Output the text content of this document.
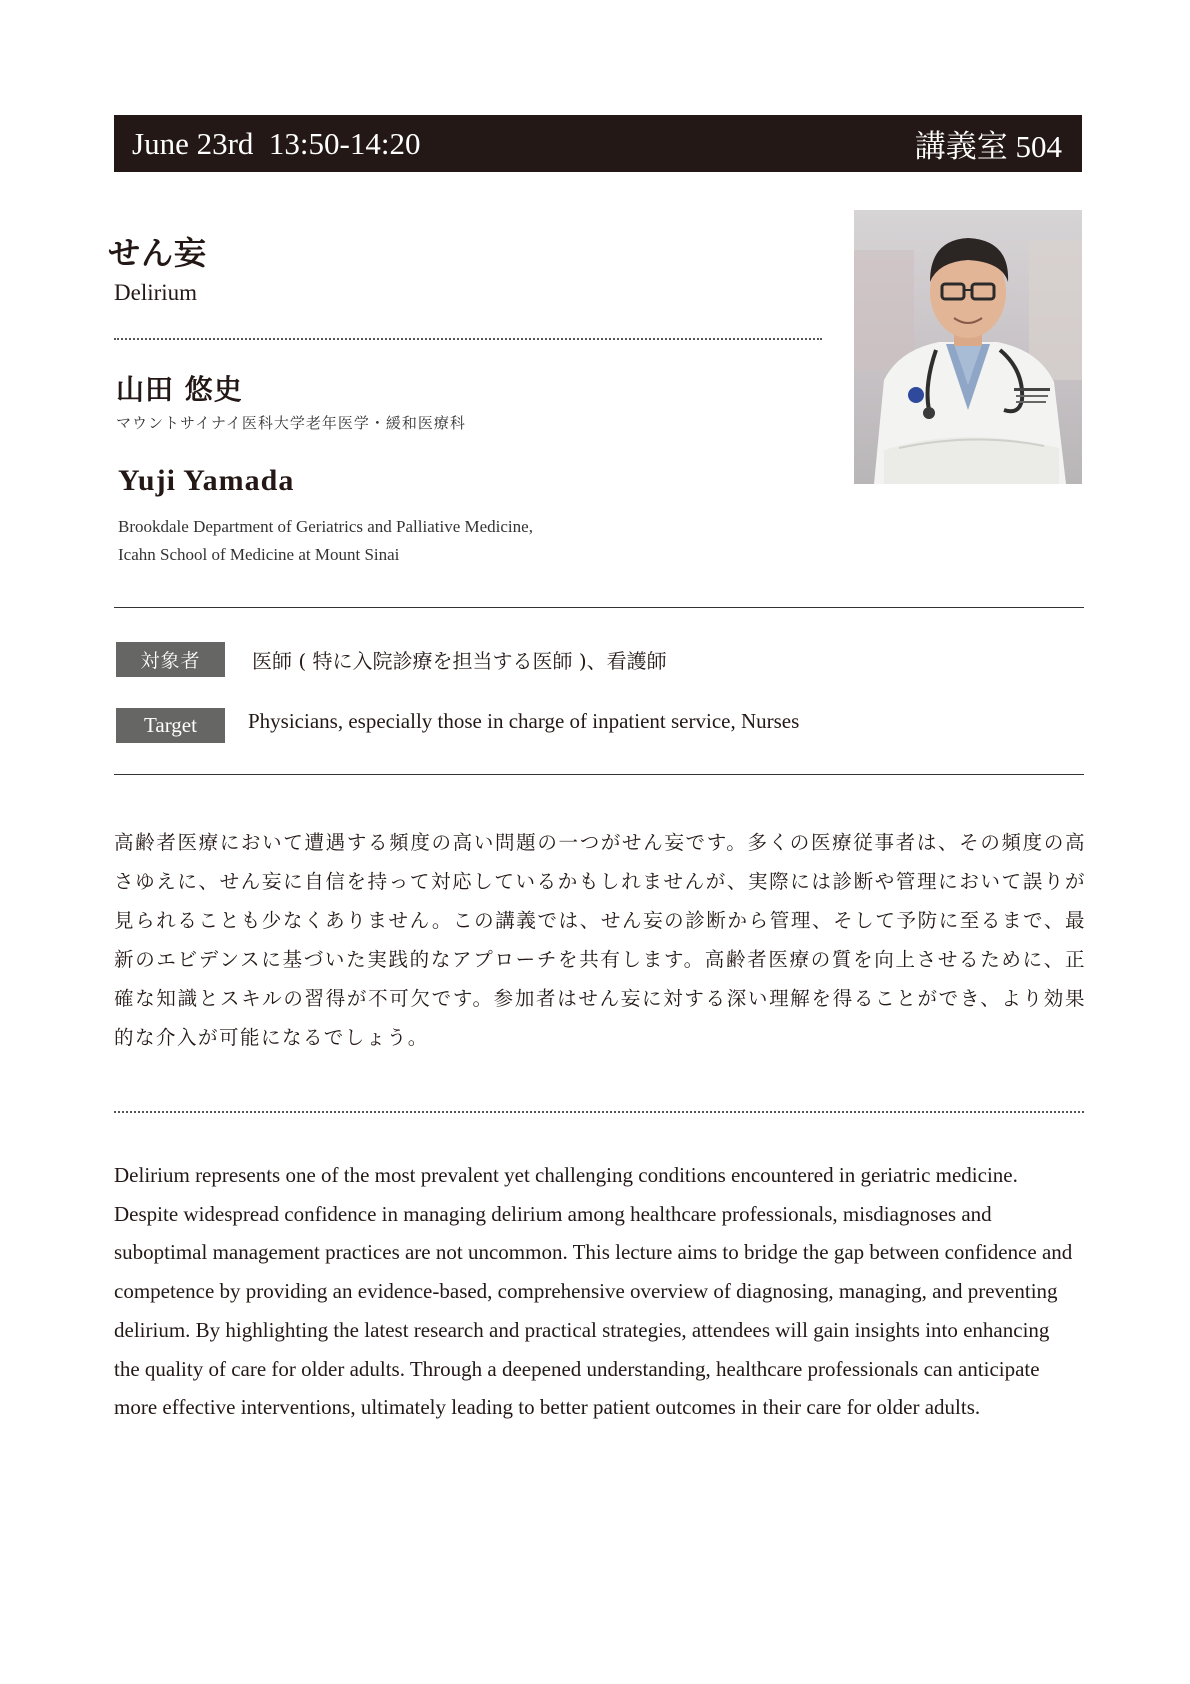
June 23rd  13:50-14:20	講義室 504
せん妄
Delirium
山田 悠史
マウントサイナイ医科大学老年医学・緩和医療科
Yuji Yamada
Brookdale Department of Geriatrics and Palliative Medicine,
Icahn School of Medicine at Mount Sinai
対象者	医師 ( 特に入院診療を担当する医師 )、看護師
Target	Physicians, especially those in charge of inpatient service, Nurses

高齢者医療において遭遇する頻度の高い問題の一つがせん妄です。多くの医療従事者は、その頻度の高さゆえに、せん妄に自信を持って対応しているかもしれませんが、実際には診断や管理において誤りが見られることも少なくありません。この講義では、せん妄の診断から管理、そして予防に至るまで、最新のエビデンスに基づいた実践的なアプローチを共有します。高齢者医療の質を向上させるために、正確な知識とスキルの習得が不可欠です。参加者はせん妄に対する深い理解を得ることができ、より効果的な介入が可能になるでしょう。

Delirium represents one of the most prevalent yet challenging conditions encountered in geriatric medicine. Despite widespread confidence in managing delirium among healthcare professionals, misdiagnoses and suboptimal management practices are not uncommon. This lecture aims to bridge the gap between confidence and competence by providing an evidence-based, comprehensive overview of diagnosing, managing, and preventing delirium. By highlighting the latest research and practical strategies, attendees will gain insights into enhancing the quality of care for older adults. Through a deepened understanding, healthcare professionals can anticipate more effective interventions, ultimately leading to better patient outcomes in their care for older adults.
